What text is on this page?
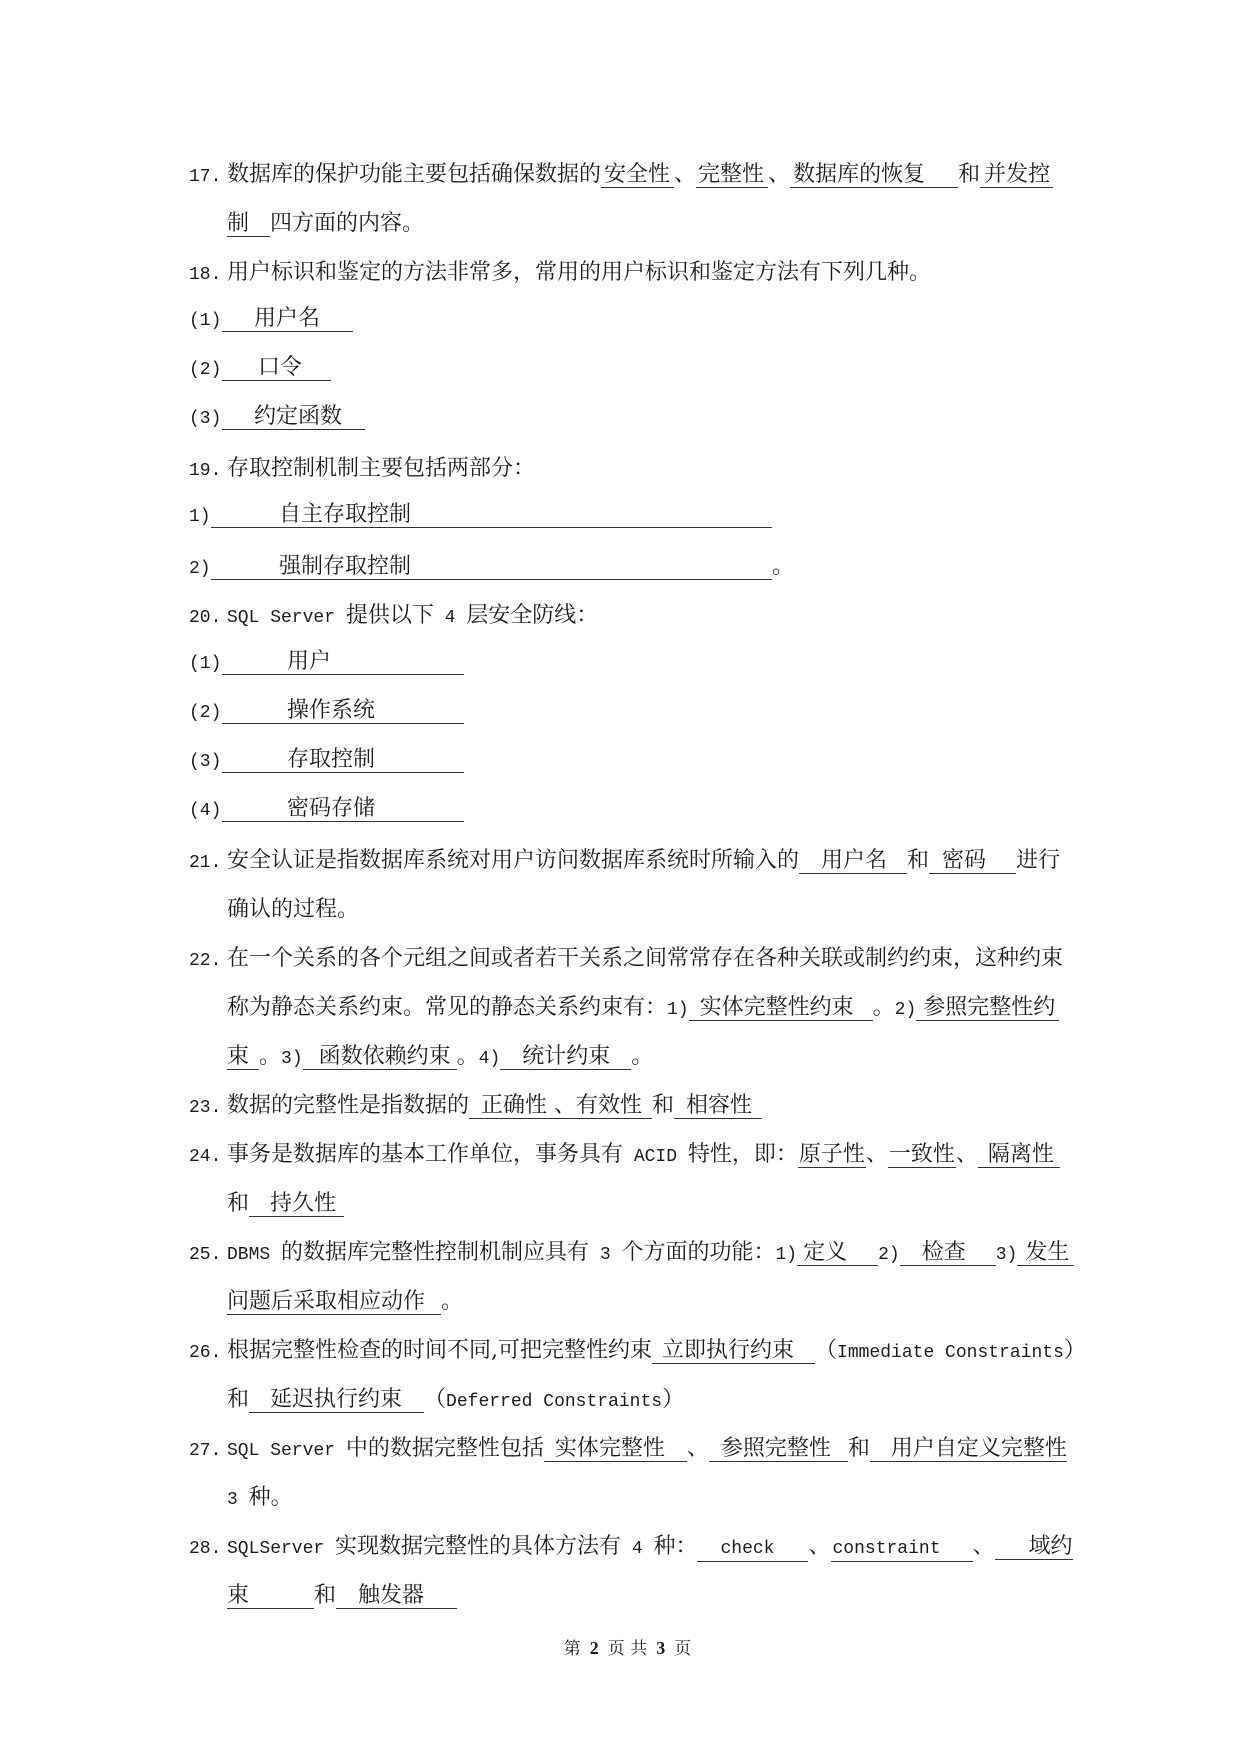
17. 数据库的保护功能主要包括确保数据的 安全性 、 完整性 、 数据库的恢复	和 并发控
制 四方面的内容。
18. 用户标识和鉴定的方法非常多，常用的用户标识和鉴定方法有下列几种。
(1)	用户名
(2)	口令
(3)	约定函数
19. 存取控制机制主要包括两部分：
1)	自主存取控制
2)	强制存取控制	。
20. SQL Server 提供以下 4 层安全防线：
(1)	用户
(2)	操作系统
(3)	存取控制
(4)	密码存储
21. 安全认证是指数据库系统对用户访问数据库系统时所输入的	用户名 和 密码	进行
确认的过程。
22. 在一个关系的各个元组之间或者若干关系之间常常存在各种关联或制约约束，这种约束
称为静态关系约束。常见的静态关系约束有： 1) 实体完整性约束 。 2) 参照完整性约
束 。 3) 函数依赖约束 。 4)	统计约束 。
23. 数据的完整性是指数据的 正确性 、有效性 和 相容性
24. 事务是数据库的基本工作单位，事务具有 ACID 特性，即： 原子性 、 一致性 、 隔离性
和 持久性
25. DBMS 的数据库完整性控制机制应具有 3 个方面的功能： 1) 定义	2)	检查	3) 发生
问题后采取相应动作 。
26. 根据完整性检查的时间不同,可把完整性约束 立即执行约束 （ Immediate Constraints ）
和 延迟执行约束	（ Deferred Constraints ）
27. SQL Server 中的数据完整性包括 实体完整性	、 参照完整性 和 用户自定义完整性
3 种。
28. SQLServer 实现数据完整性的具体方法有 4 种：	check	、 constraint	、	域约
束	和	触发器
第 2 页 共 3 页
